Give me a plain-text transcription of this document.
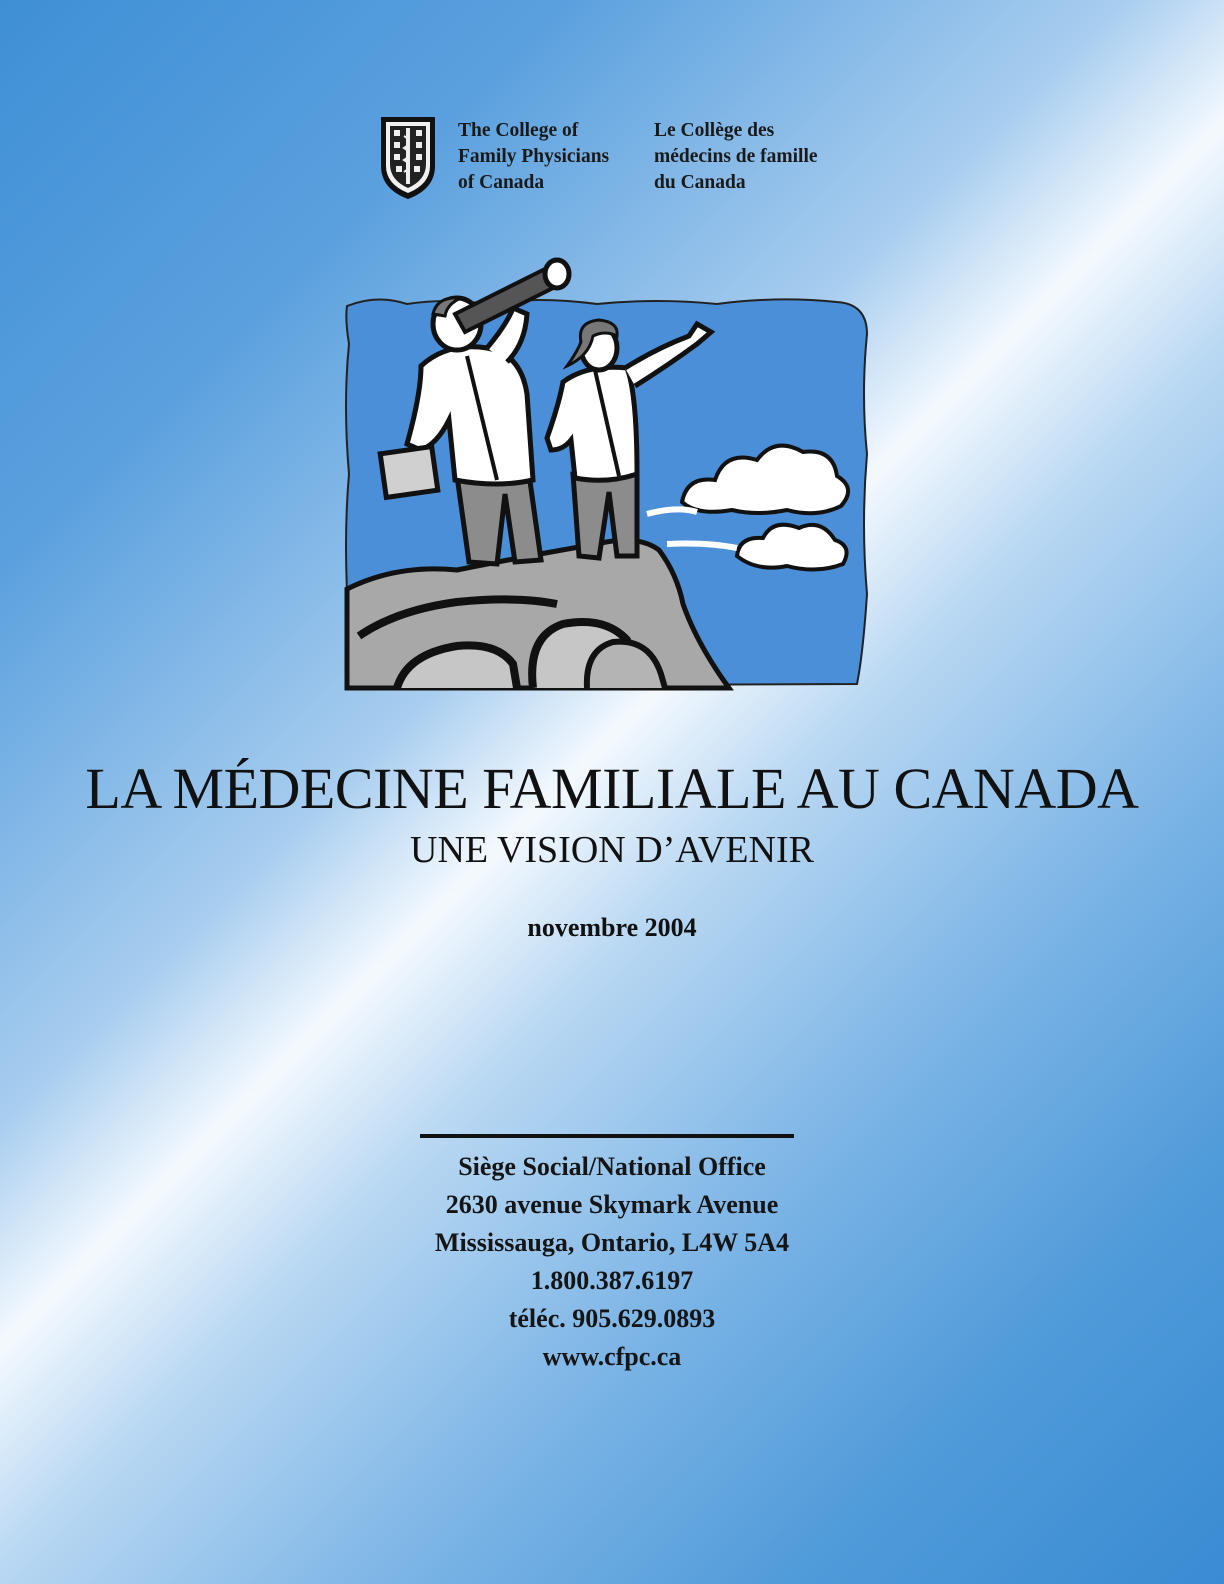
The College of
Family Physicians
of Canada
Le Collège des
médecins de famille
du Canada
LA MÉDECINE FAMILIALE AU CANADA
UNE VISION D’AVENIR
novembre 2004
Siège Social/National Office
2630 avenue Skymark Avenue
Mississauga, Ontario, L4W 5A4
1.800.387.6197
téléc. 905.629.0893
www.cfpc.ca
